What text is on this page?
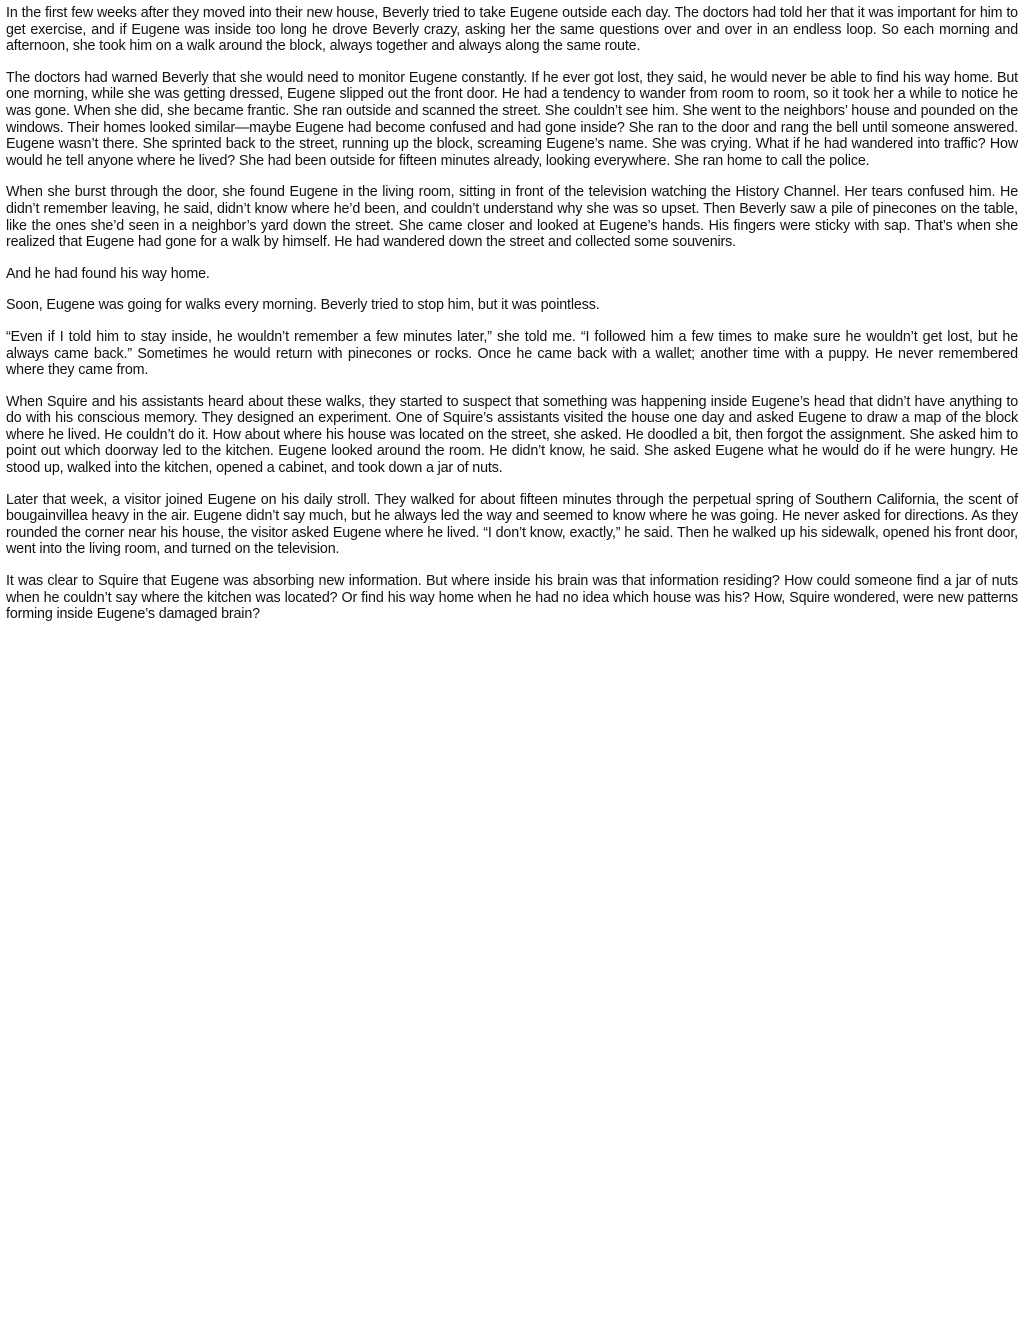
In the first few weeks after they moved into their new house, Beverly tried to take Eugene outside each day. The doctors had told her that it was important for him to get exercise, and if Eugene was inside too long he drove Beverly crazy, asking her the same questions over and over in an endless loop. So each morning and afternoon, she took him on a walk around the block, always together and always along the same route.

The doctors had warned Beverly that she would need to monitor Eugene constantly. If he ever got lost, they said, he would never be able to find his way home. But one morning, while she was getting dressed, Eugene slipped out the front door. He had a tendency to wander from room to room, so it took her a while to notice he was gone. When she did, she became frantic. She ran outside and scanned the street. She couldn’t see him. She went to the neighbors’ house and pounded on the windows. Their homes looked similar—maybe Eugene had become confused and had gone inside? She ran to the door and rang the bell until someone answered. Eugene wasn’t there. She sprinted back to the street, running up the block, screaming Eugene’s name. She was crying. What if he had wandered into traffic? How would he tell anyone where he lived? She had been outside for fifteen minutes already, looking everywhere. She ran home to call the police.

When she burst through the door, she found Eugene in the living room, sitting in front of the television watching the History Channel. Her tears confused him. He didn’t remember leaving, he said, didn’t know where he’d been, and couldn’t understand why she was so upset. Then Beverly saw a pile of pinecones on the table, like the ones she’d seen in a neighbor’s yard down the street. She came closer and looked at Eugene’s hands. His fingers were sticky with sap. That’s when she realized that Eugene had gone for a walk by himself. He had wandered down the street and collected some souvenirs.

And he had found his way home.

Soon, Eugene was going for walks every morning. Beverly tried to stop him, but it was pointless.

“Even if I told him to stay inside, he wouldn’t remember a few minutes later,” she told me. “I followed him a few times to make sure he wouldn’t get lost, but he always came back.” Sometimes he would return with pinecones or rocks. Once he came back with a wallet; another time with a puppy. He never remembered where they came from.

When Squire and his assistants heard about these walks, they started to suspect that something was happening inside Eugene’s head that didn’t have anything to do with his conscious memory. They designed an experiment. One of Squire’s assistants visited the house one day and asked Eugene to draw a map of the block where he lived. He couldn’t do it. How about where his house was located on the street, she asked. He doodled a bit, then forgot the assignment. She asked him to point out which doorway led to the kitchen. Eugene looked around the room. He didn’t know, he said. She asked Eugene what he would do if he were hungry. He stood up, walked into the kitchen, opened a cabinet, and took down a jar of nuts.

Later that week, a visitor joined Eugene on his daily stroll. They walked for about fifteen minutes through the perpetual spring of Southern California, the scent of bougainvillea heavy in the air. Eugene didn’t say much, but he always led the way and seemed to know where he was going. He never asked for directions. As they rounded the corner near his house, the visitor asked Eugene where he lived. “I don’t know, exactly,” he said. Then he walked up his sidewalk, opened his front door, went into the living room, and turned on the television.

It was clear to Squire that Eugene was absorbing new information. But where inside his brain was that information residing? How could someone find a jar of nuts when he couldn’t say where the kitchen was located? Or find his way home when he had no idea which house was his? How, Squire wondered, were new patterns forming inside Eugene’s damaged brain?
